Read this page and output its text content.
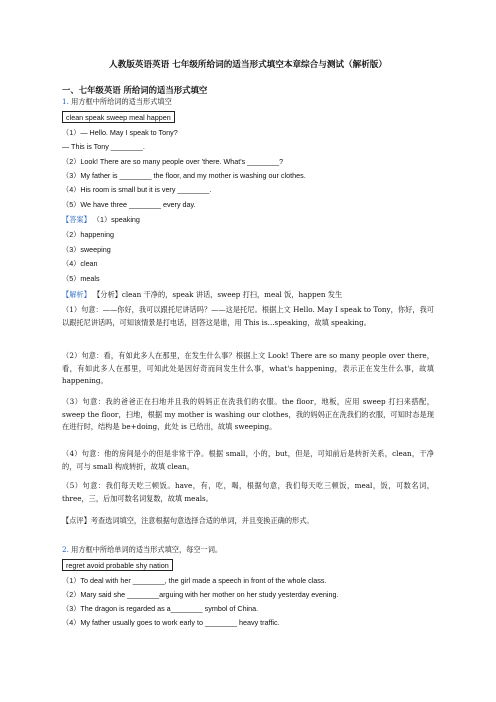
人教版英语英语 七年级所给词的适当形式填空本章综合与测试（解析版）
一、七年级英语 所给词的适当形式填空
1. 用方框中所给词的适当形式填空
clean speak sweep meal happen
（1）— Hello. May I speak to Tony?
— This is Tony ________.
（2）Look! There are so many people over 'there. What's ________?
（3）My father is ________ the floor, and my mother is washing our clothes.
（4）His room is small but it is very ________.
（5）We have three ________ every day.
【答案】 （1）speaking
（2）happening
（3）sweeping
（4）clean
（5）meals
【解析】 【分析】clean 干净的，speak 讲话，sweep 打扫，meal 饭，happen 发生
（1）句意：——你好，我可以跟托尼讲话吗？——这是托尼。根据上文 Hello. May I speak to Tony，你好，我可以跟托尼讲话吗，可知该情景是打电话，回答这是谁，用 This is...speaking，故填 speaking。
（2）句意：看，有如此多人在那里，在发生什么事？根据上文 Look! There are so many people over there，看，有如此多人在那里，可知此处是因好奇而问发生什么事，what's happening，表示正在发生什么事，故填 happening。
（3）句意：我的爸爸正在扫地并且我的妈妈正在洗我们的衣服。the floor，地板，应用 sweep 打扫来搭配，sweep the floor，扫地，根据 my mother is washing our clothes，我的妈妈正在洗我们的衣服，可知时态是现在进行时，结构是 be+doing，此处 is 已给出，故填 sweeping。
（4）句意：他的房间是小的但是非常干净。根据 small，小的，but，但是，可知前后是转折关系，clean，干净的，可与 small 构成转折，故填 clean。
（5）句意：我们每天吃三顿饭。have，有，吃，喝，根据句意，我们每天吃三顿饭，meal，饭，可数名词，three，三，后加可数名词复数，故填 meals。
【点评】考查选词填空，注意根据句意选择合适的单词，并且变换正确的形式。
2. 用方框中所给单词的适当形式填空，每空一词。
regret avoid probable shy nation
（1）To deal with her ________, the girl made a speech in front of the whole class.
（2）Mary said she ________arguing with her mother on her study yesterday evening.
（3）The dragon is regarded as a________ symbol of China.
（4）My father usually goes to work early to ________ heavy traffic.
